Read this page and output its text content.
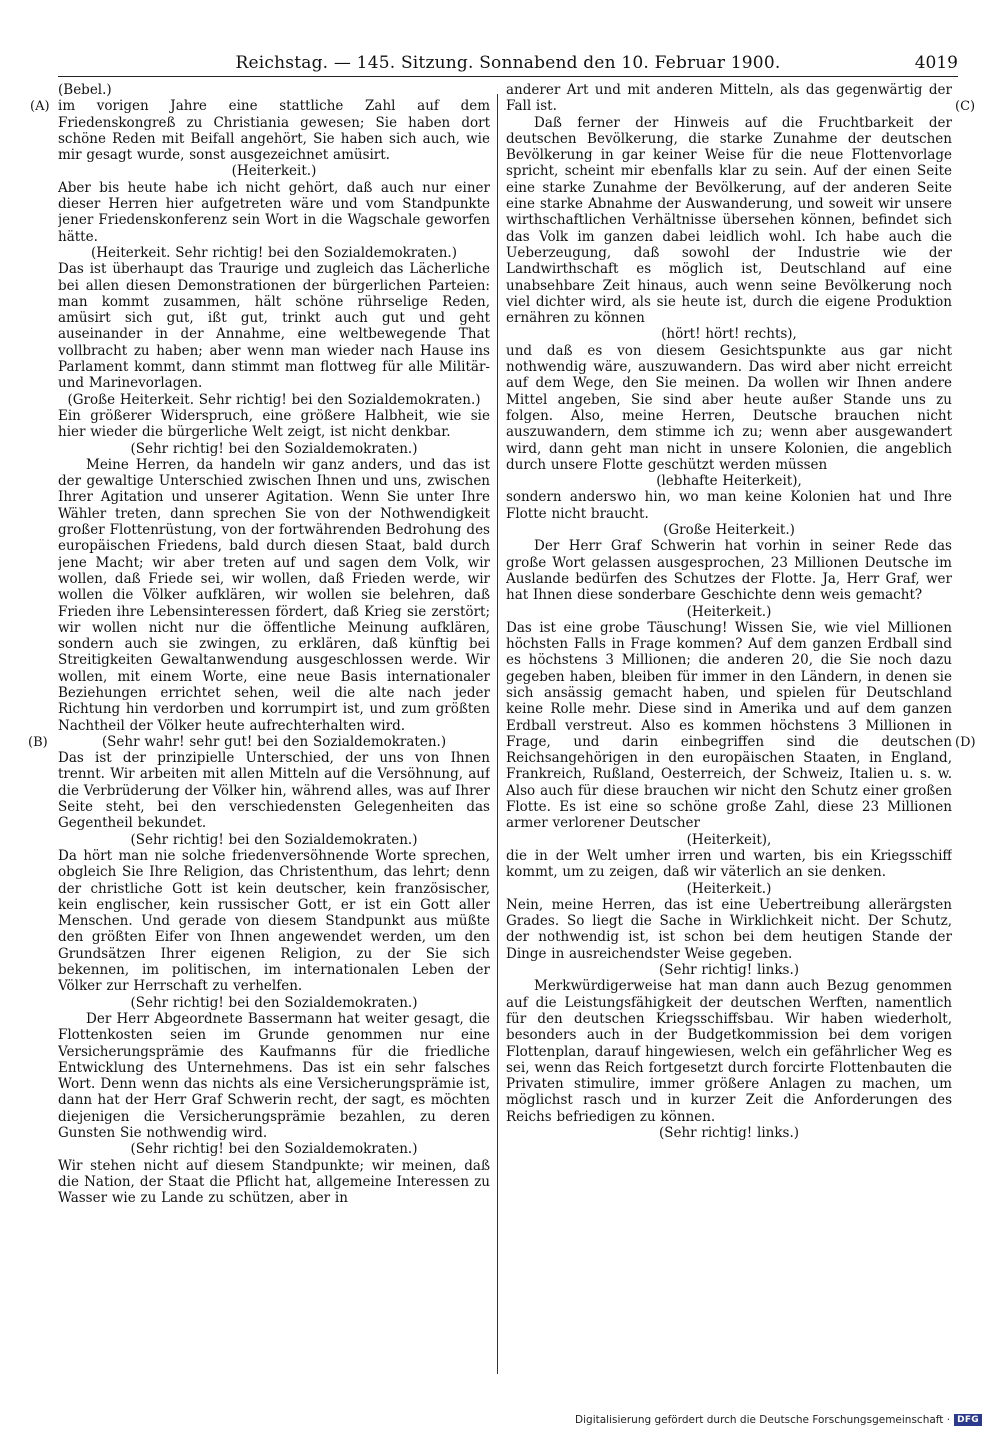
Reichstag. — 145. Sitzung. Sonnabend den 10. Februar 1900.	4019
(A)
(B)
(C)
(D)

(Bebel.)

im vorigen Jahre eine stattliche Zahl auf dem Friedenskongreß zu Christiania gewesen; Sie haben dort schöne Reden mit Beifall angehört, Sie haben sich auch, wie mir gesagt wurde, sonst ausgezeichnet amüsirt.

(Heiterkeit.)

Aber bis heute habe ich nicht gehört, daß auch nur einer dieser Herren hier aufgetreten wäre und vom Standpunkte jener Friedenskonferenz sein Wort in die Wagschale geworfen hätte.

(Heiterkeit. Sehr richtig! bei den Sozialdemokraten.)

Das ist überhaupt das Traurige und zugleich das Lächerliche bei allen diesen Demonstrationen der bürgerlichen Parteien: man kommt zusammen, hält schöne rührselige Reden, amüsirt sich gut, ißt gut, trinkt auch gut und geht auseinander in der Annahme, eine weltbewegende That vollbracht zu haben; aber wenn man wieder nach Hause ins Parlament kommt, dann stimmt man flottweg für alle Militär- und Marinevorlagen.

(Große Heiterkeit. Sehr richtig! bei den Sozialdemokraten.)

Ein größerer Widerspruch, eine größere Halbheit, wie sie hier wieder die bürgerliche Welt zeigt, ist nicht denkbar.

(Sehr richtig! bei den Sozialdemokraten.)

Meine Herren, da handeln wir ganz anders, und das ist der gewaltige Unterschied zwischen Ihnen und uns, zwischen Ihrer Agitation und unserer Agitation. Wenn Sie unter Ihre Wähler treten, dann sprechen Sie von der Nothwendigkeit großer Flottenrüstung, von der fortwährenden Bedrohung des europäischen Friedens, bald durch diesen Staat, bald durch jene Macht; wir aber treten auf und sagen dem Volk, wir wollen, daß Friede sei, wir wollen, daß Frieden werde, wir wollen die Völker aufklären, wir wollen sie belehren, daß Frieden ihre Lebensinteressen fördert, daß Krieg sie zerstört; wir wollen nicht nur die öffentliche Meinung aufklären, sondern auch sie zwingen, zu erklären, daß künftig bei Streitigkeiten Gewaltanwendung ausgeschlossen werde. Wir wollen, mit einem Worte, eine neue Basis internationaler Beziehungen errichtet sehen, weil die alte nach jeder Richtung hin verdorben und korrumpirt ist, und zum größten Nachtheil der Völker heute aufrechterhalten wird.

(Sehr wahr! sehr gut! bei den Sozialdemokraten.)

Das ist der prinzipielle Unterschied, der uns von Ihnen trennt. Wir arbeiten mit allen Mitteln auf die Versöhnung, auf die Verbrüderung der Völker hin, während alles, was auf Ihrer Seite steht, bei den verschiedensten Gelegenheiten das Gegentheil bekundet.

(Sehr richtig! bei den Sozialdemokraten.)

Da hört man nie solche friedenversöhnende Worte sprechen, obgleich Sie Ihre Religion, das Christenthum, das lehrt; denn der christliche Gott ist kein deutscher, kein französischer, kein englischer, kein russischer Gott, er ist ein Gott aller Menschen. Und gerade von diesem Standpunkt aus müßte den größten Eifer von Ihnen angewendet werden, um den Grundsätzen Ihrer eigenen Religion, zu der Sie sich bekennen, im politischen, im internationalen Leben der Völker zur Herrschaft zu verhelfen.

(Sehr richtig! bei den Sozialdemokraten.)

Der Herr Abgeordnete Bassermann hat weiter gesagt, die Flottenkosten seien im Grunde genommen nur eine Versicherungsprämie des Kaufmanns für die friedliche Entwicklung des Unternehmens. Das ist ein sehr falsches Wort. Denn wenn das nichts als eine Versicherungsprämie ist, dann hat der Herr Graf Schwerin recht, der sagt, es möchten diejenigen die Versicherungsprämie bezahlen, zu deren Gunsten Sie nothwendig wird.

(Sehr richtig! bei den Sozialdemokraten.)

Wir stehen nicht auf diesem Standpunkte; wir meinen, daß die Nation, der Staat die Pflicht hat, allgemeine Interessen zu Wasser wie zu Lande zu schützen, aber in

anderer Art und mit anderen Mitteln, als das gegenwärtig der Fall ist.

Daß ferner der Hinweis auf die Fruchtbarkeit der deutschen Bevölkerung, die starke Zunahme der deutschen Bevölkerung in gar keiner Weise für die neue Flottenvorlage spricht, scheint mir ebenfalls klar zu sein. Auf der einen Seite eine starke Zunahme der Bevölkerung, auf der anderen Seite eine starke Abnahme der Auswanderung, und soweit wir unsere wirthschaftlichen Verhältnisse übersehen können, befindet sich das Volk im ganzen dabei leidlich wohl. Ich habe auch die Ueberzeugung, daß sowohl der Industrie wie der Landwirthschaft es möglich ist, Deutschland auf eine unabsehbare Zeit hinaus, auch wenn seine Bevölkerung noch viel dichter wird, als sie heute ist, durch die eigene Produktion ernähren zu können

(hört! hört! rechts),

und daß es von diesem Gesichtspunkte aus gar nicht nothwendig wäre, auszuwandern. Das wird aber nicht erreicht auf dem Wege, den Sie meinen. Da wollen wir Ihnen andere Mittel angeben, Sie sind aber heute außer Stande uns zu folgen. Also, meine Herren, Deutsche brauchen nicht auszuwandern, dem stimme ich zu; wenn aber ausgewandert wird, dann geht man nicht in unsere Kolonien, die angeblich durch unsere Flotte geschützt werden müssen

(lebhafte Heiterkeit),

sondern anderswo hin, wo man keine Kolonien hat und Ihre Flotte nicht braucht.

(Große Heiterkeit.)

Der Herr Graf Schwerin hat vorhin in seiner Rede das große Wort gelassen ausgesprochen, 23 Millionen Deutsche im Auslande bedürfen des Schutzes der Flotte. Ja, Herr Graf, wer hat Ihnen diese sonderbare Geschichte denn weis gemacht?

(Heiterkeit.)

Das ist eine grobe Täuschung! Wissen Sie, wie viel Millionen höchsten Falls in Frage kommen? Auf dem ganzen Erdball sind es höchstens 3 Millionen; die anderen 20, die Sie noch dazu gegeben haben, bleiben für immer in den Ländern, in denen sie sich ansässig gemacht haben, und spielen für Deutschland keine Rolle mehr. Diese sind in Amerika und auf dem ganzen Erdball verstreut. Also es kommen höchstens 3 Millionen in Frage, und darin einbegriffen sind die deutschen Reichsangehörigen in den europäischen Staaten, in England, Frankreich, Rußland, Oesterreich, der Schweiz, Italien u. s. w. Also auch für diese brauchen wir nicht den Schutz einer großen Flotte. Es ist eine so schöne große Zahl, diese 23 Millionen armer verlorener Deutscher

(Heiterkeit),

die in der Welt umher irren und warten, bis ein Kriegsschiff kommt, um zu zeigen, daß wir väterlich an sie denken.

(Heiterkeit.)

Nein, meine Herren, das ist eine Uebertreibung allerärgsten Grades. So liegt die Sache in Wirklichkeit nicht. Der Schutz, der nothwendig ist, ist schon bei dem heutigen Stande der Dinge in ausreichendster Weise gegeben.

(Sehr richtig! links.)

Merkwürdigerweise hat man dann auch Bezug genommen auf die Leistungsfähigkeit der deutschen Werften, namentlich für den deutschen Kriegsschiffsbau. Wir haben wiederholt, besonders auch in der Budgetkommission bei dem vorigen Flottenplan, darauf hingewiesen, welch ein gefährlicher Weg es sei, wenn das Reich fortgesetzt durch forcirte Flottenbauten die Privaten stimulire, immer größere Anlagen zu machen, um möglichst rasch und in kurzer Zeit die Anforderungen des Reichs befriedigen zu können.

(Sehr richtig! links.)

Digitalisierung gefördert durch die Deutsche Forschungsgemeinschaft · DFG
